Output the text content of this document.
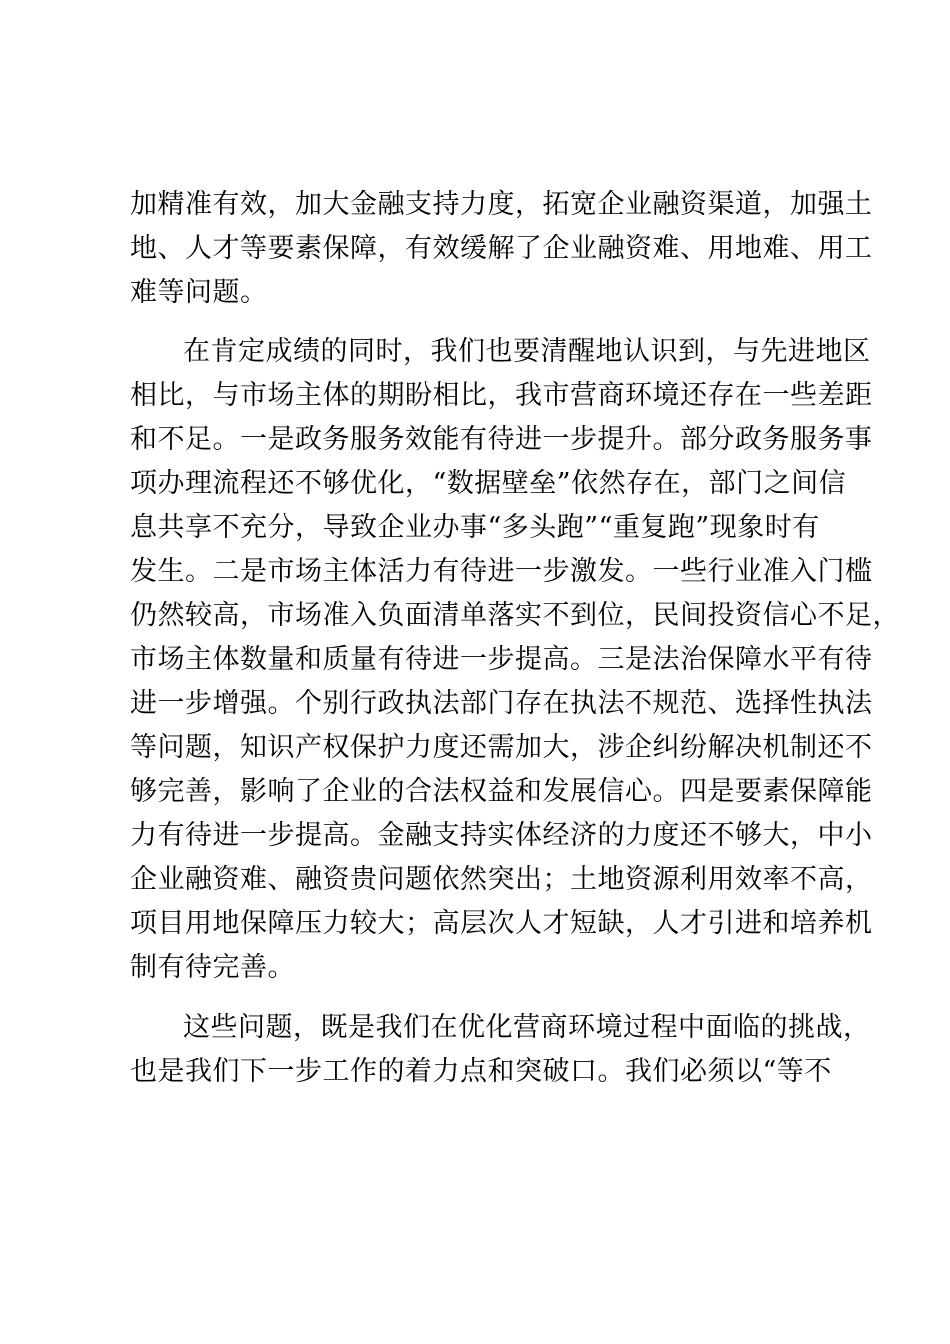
加精准有效，加大金融支持力度，拓宽企业融资渠道，加强土
地、人才等要素保障，有效缓解了企业融资难、用地难、用工
难等问题。
在肯定成绩的同时，我们也要清醒地认识到，与先进地区
相比，与市场主体的期盼相比，我市营商环境还存在一些差距
和不足。一是政务服务效能有待进一步提升。部分政务服务事
项办理流程还不够优化，“数据壁垒”依然存在，部门之间信
息共享不充分，导致企业办事“多头跑”“重复跑”现象时有
发生。二是市场主体活力有待进一步激发。一些行业准入门槛
仍然较高，市场准入负面清单落实不到位，民间投资信心不足，
市场主体数量和质量有待进一步提高。三是法治保障水平有待
进一步增强。个别行政执法部门存在执法不规范、选择性执法
等问题，知识产权保护力度还需加大，涉企纠纷解决机制还不
够完善，影响了企业的合法权益和发展信心。四是要素保障能
力有待进一步提高。金融支持实体经济的力度还不够大，中小
企业融资难、融资贵问题依然突出；土地资源利用效率不高，
项目用地保障压力较大；高层次人才短缺，人才引进和培养机
制有待完善。
这些问题，既是我们在优化营商环境过程中面临的挑战，
也是我们下一步工作的着力点和突破口。我们必须以“等不
